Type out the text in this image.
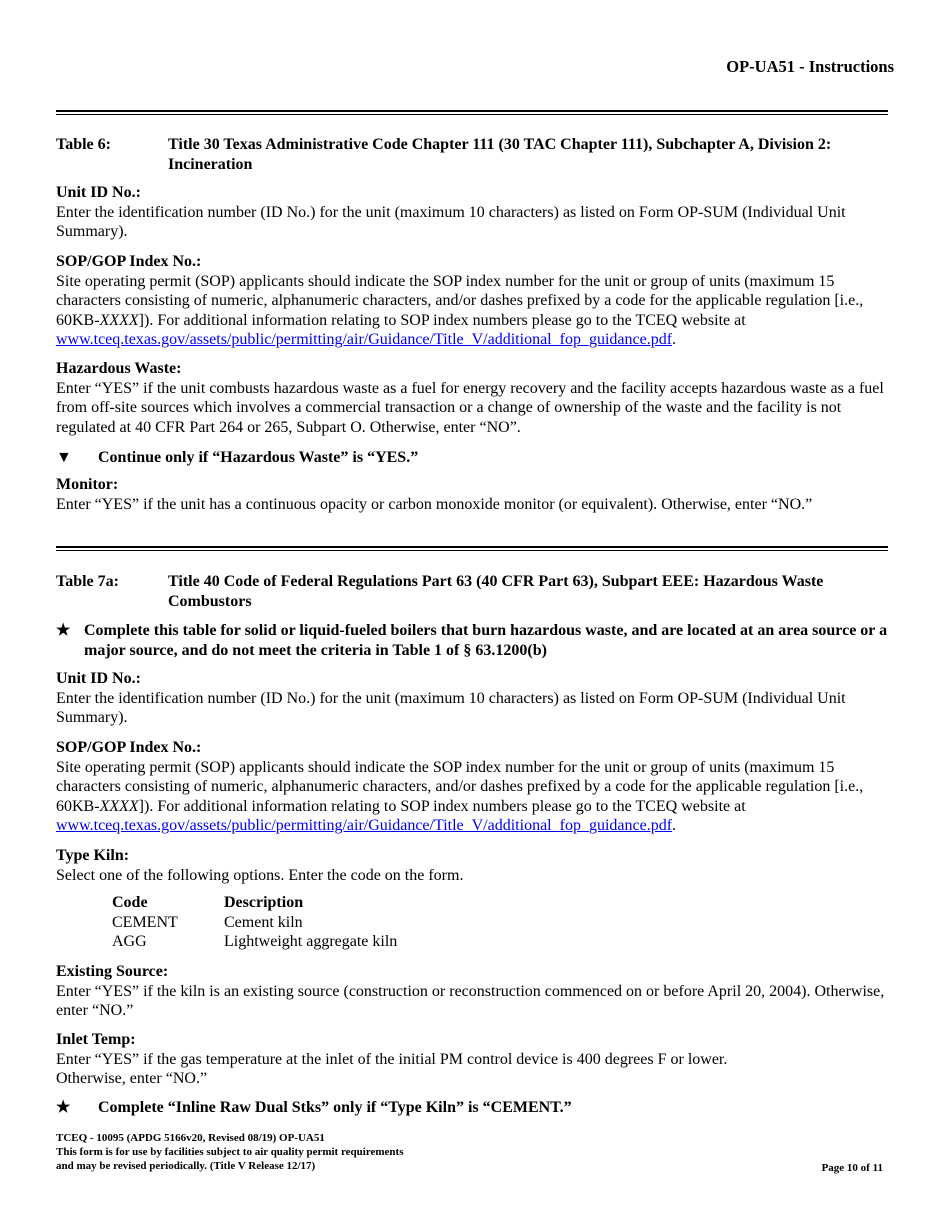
OP-UA51 - Instructions
Table 6:	Title 30 Texas Administrative Code Chapter 111 (30 TAC Chapter 111), Subchapter A, Division 2: Incineration
Unit ID No.:

Enter the identification number (ID No.) for the unit (maximum 10 characters) as listed on Form OP-SUM (Individual Unit Summary).

SOP/GOP Index No.:

Site operating permit (SOP) applicants should indicate the SOP index number for the unit or group of units (maximum 15 characters consisting of numeric, alphanumeric characters, and/or dashes prefixed by a code for the applicable regulation [i.e., 60KB-XXXX]). For additional information relating to SOP index numbers please go to the TCEQ website at www.tceq.texas.gov/assets/public/permitting/air/Guidance/Title_V/additional_fop_guidance.pdf.

Hazardous Waste:

Enter “YES” if the unit combusts hazardous waste as a fuel for energy recovery and the facility accepts hazardous waste as a fuel from off-site sources which involves a commercial transaction or a change of ownership of the waste and the facility is not regulated at 40 CFR Part 264 or 265, Subpart O. Otherwise, enter “NO”.

▼	Continue only if “Hazardous Waste” is “YES.”
Monitor:

Enter “YES” if the unit has a continuous opacity or carbon monoxide monitor (or equivalent). Otherwise, enter “NO.”

Table 7a:	Title 40 Code of Federal Regulations Part 63 (40 CFR Part 63), Subpart EEE: Hazardous Waste Combustors
★ Complete this table for solid or liquid-fueled boilers that burn hazardous waste, and are located at an area source or a major source, and do not meet the criteria in Table 1 of § 63.1200(b)
Unit ID No.:

Enter the identification number (ID No.) for the unit (maximum 10 characters) as listed on Form OP-SUM (Individual Unit Summary).

SOP/GOP Index No.:

Site operating permit (SOP) applicants should indicate the SOP index number for the unit or group of units (maximum 15 characters consisting of numeric, alphanumeric characters, and/or dashes prefixed by a code for the applicable regulation [i.e., 60KB-XXXX]). For additional information relating to SOP index numbers please go to the TCEQ website at www.tceq.texas.gov/assets/public/permitting/air/Guidance/Title_V/additional_fop_guidance.pdf.

Type Kiln:

Select one of the following options. Enter the code on the form.

Code	Description
CEMENT	Cement kiln
AGG	Lightweight aggregate kiln
Existing Source:

Enter “YES” if the kiln is an existing source (construction or reconstruction commenced on or before April 20, 2004). Otherwise, enter “NO.”

Inlet Temp:

Enter “YES” if the gas temperature at the inlet of the initial PM control device is 400 degrees F or lower.

Otherwise, enter “NO.”

★	Complete “Inline Raw Dual Stks” only if “Type Kiln” is “CEMENT.”
TCEQ - 10095 (APDG 5166v20, Revised 08/19) OP-UA51
This form is for use by facilities subject to air quality permit requirements
and may be revised periodically. (Title V Release 12/17)	Page 10 of 11
